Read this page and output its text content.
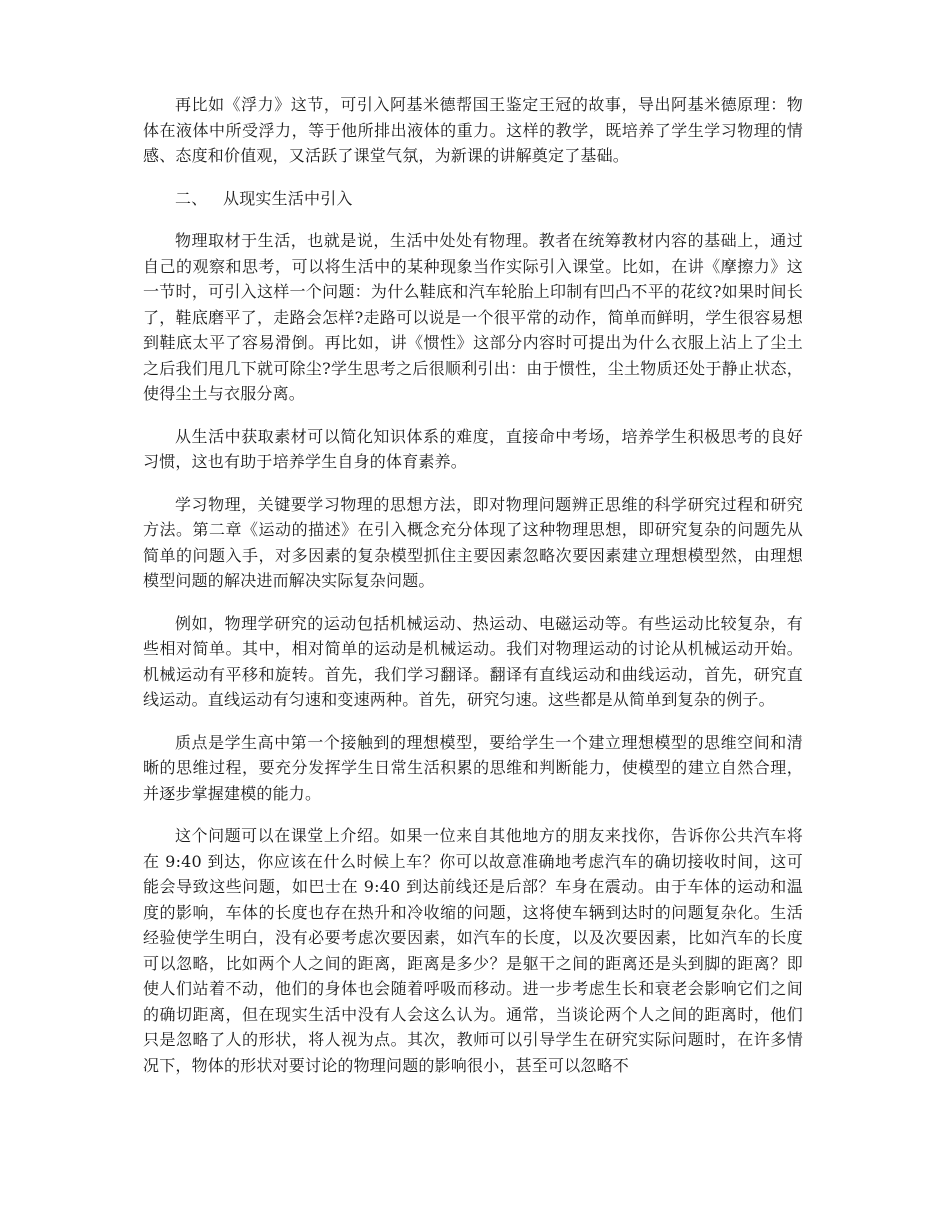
再比如《浮力》这节，可引入阿基米德帮国王鉴定王冠的故事，导出阿基米德原理：物体在液体中所受浮力，等于他所排出液体的重力。这样的教学，既培养了学生学习物理的情感、态度和价值观，又活跃了课堂气氛，为新课的讲解奠定了基础。

二、 从现实生活中引入

物理取材于生活，也就是说，生活中处处有物理。教者在统筹教材内容的基础上，通过自己的观察和思考，可以将生活中的某种现象当作实际引入课堂。比如，在讲《摩擦力》这一节时，可引入这样一个问题：为什么鞋底和汽车轮胎上印制有凹凸不平的花纹?如果时间长了，鞋底磨平了，走路会怎样?走路可以说是一个很平常的动作，简单而鲜明，学生很容易想到鞋底太平了容易滑倒。再比如，讲《惯性》这部分内容时可提出为什么衣服上沾上了尘土之后我们甩几下就可除尘?学生思考之后很顺利引出：由于惯性，尘土物质还处于静止状态，使得尘土与衣服分离。

从生活中获取素材可以简化知识体系的难度，直接命中考场，培养学生积极思考的良好习惯，这也有助于培养学生自身的体育素养。

学习物理，关键要学习物理的思想方法，即对物理问题辨正思维的科学研究过程和研究方法。第二章《运动的描述》在引入概念充分体现了这种物理思想，即研究复杂的问题先从简单的问题入手，对多因素的复杂模型抓住主要因素忽略次要因素建立理想模型然，由理想模型问题的解决进而解决实际复杂问题。

例如，物理学研究的运动包括机械运动、热运动、电磁运动等。有些运动比较复杂，有些相对简单。其中，相对简单的运动是机械运动。我们对物理运动的讨论从机械运动开始。机械运动有平移和旋转。首先，我们学习翻译。翻译有直线运动和曲线运动，首先，研究直线运动。直线运动有匀速和变速两种。首先，研究匀速。这些都是从简单到复杂的例子。

质点是学生高中第一个接触到的理想模型，要给学生一个建立理想模型的思维空间和清晰的思维过程，要充分发挥学生日常生活积累的思维和判断能力，使模型的建立自然合理，并逐步掌握建模的能力。

这个问题可以在课堂上介绍。如果一位来自其他地方的朋友来找你，告诉你公共汽车将在 9:40 到达，你应该在什么时候上车？你可以故意准确地考虑汽车的确切接收时间，这可能会导致这些问题，如巴士在 9:40 到达前线还是后部？车身在震动。由于车体的运动和温度的影响，车体的长度也存在热升和冷收缩的问题，这将使车辆到达时的问题复杂化。生活经验使学生明白，没有必要考虑次要因素，如汽车的长度，以及次要因素，比如汽车的长度可以忽略，比如两个人之间的距离，距离是多少？是躯干之间的距离还是头到脚的距离？即使人们站着不动，他们的身体也会随着呼吸而移动。进一步考虑生长和衰老会影响它们之间的确切距离，但在现实生活中没有人会这么认为。通常，当谈论两个人之间的距离时，他们只是忽略了人的形状，将人视为点。其次，教师可以引导学生在研究实际问题时，在许多情况下，物体的形状对要讨论的物理问题的影响很小，甚至可以忽略不
